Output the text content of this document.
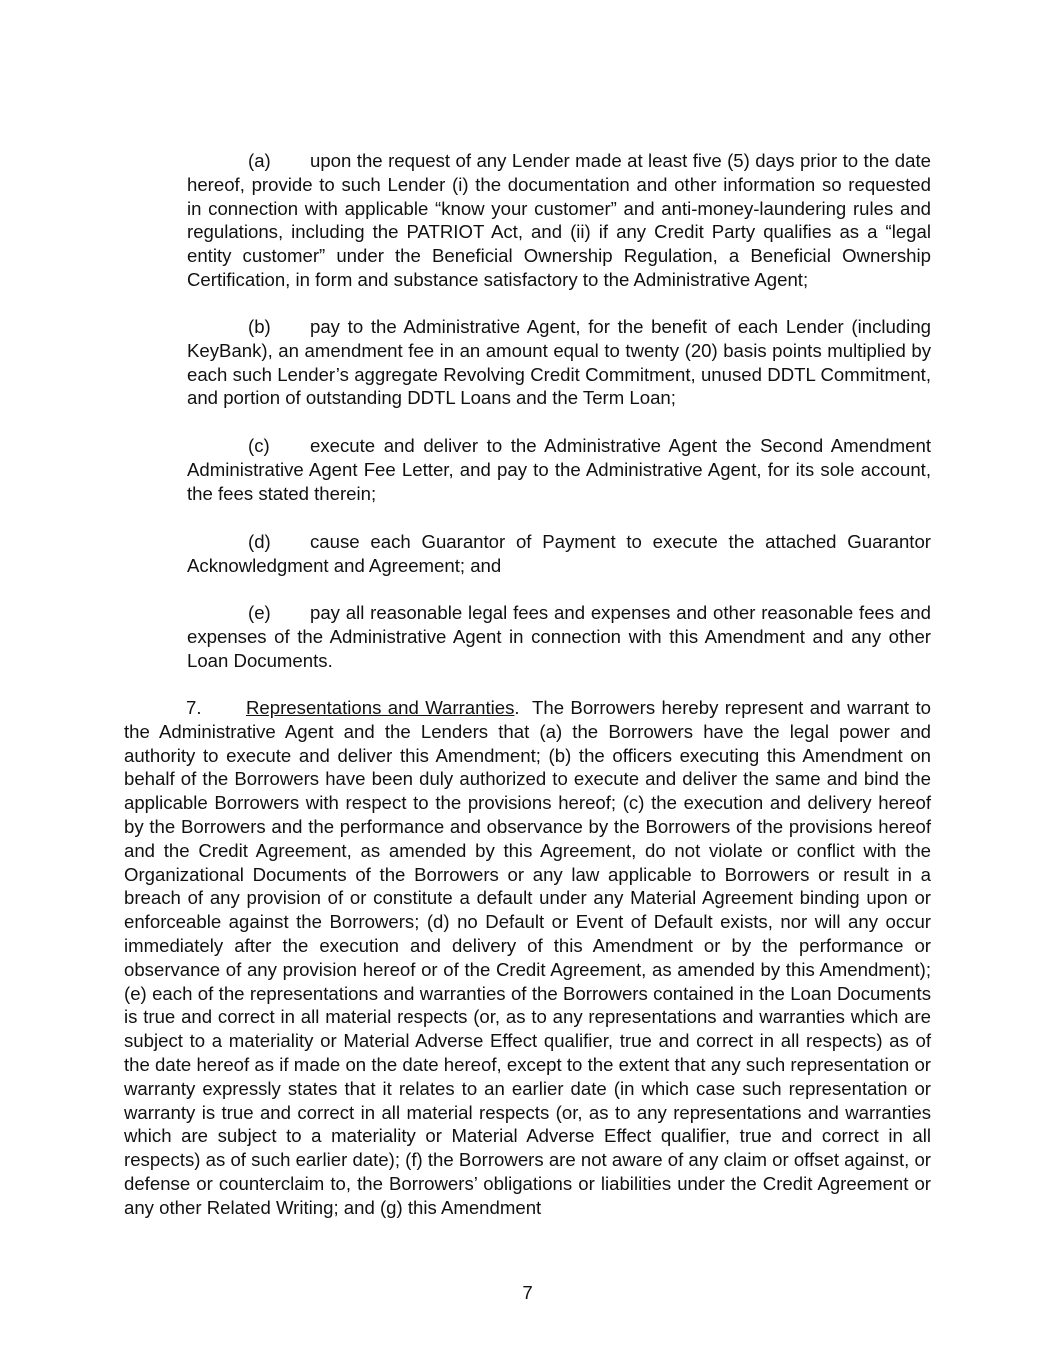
(a) upon the request of any Lender made at least five (5) days prior to the date hereof, provide to such Lender (i) the documentation and other information so requested in connection with applicable “know your customer” and anti-money-laundering rules and regulations, including the PATRIOT Act, and (ii) if any Credit Party qualifies as a “legal entity customer” under the Beneficial Ownership Regulation, a Beneficial Ownership Certification, in form and substance satisfactory to the Administrative Agent;

(b) pay to the Administrative Agent, for the benefit of each Lender (including KeyBank), an amendment fee in an amount equal to twenty (20) basis points multiplied by each such Lender’s aggregate Revolving Credit Commitment, unused DDTL Commitment, and portion of outstanding DDTL Loans and the Term Loan;

(c) execute and deliver to the Administrative Agent the Second Amendment Administrative Agent Fee Letter, and pay to the Administrative Agent, for its sole account, the fees stated therein;

(d) cause each Guarantor of Payment to execute the attached Guarantor Acknowledgment and Agreement; and

(e) pay all reasonable legal fees and expenses and other reasonable fees and expenses of the Administrative Agent in connection with this Amendment and any other Loan Documents.

7. Representations and Warranties. The Borrowers hereby represent and warrant to the Administrative Agent and the Lenders that (a) the Borrowers have the legal power and authority to execute and deliver this Amendment; (b) the officers executing this Amendment on behalf of the Borrowers have been duly authorized to execute and deliver the same and bind the applicable Borrowers with respect to the provisions hereof; (c) the execution and delivery hereof by the Borrowers and the performance and observance by the Borrowers of the provisions hereof and the Credit Agreement, as amended by this Agreement, do not violate or conflict with the Organizational Documents of the Borrowers or any law applicable to Borrowers or result in a breach of any provision of or constitute a default under any Material Agreement binding upon or enforceable against the Borrowers; (d) no Default or Event of Default exists, nor will any occur immediately after the execution and delivery of this Amendment or by the performance or observance of any provision hereof or of the Credit Agreement, as amended by this Amendment); (e) each of the representations and warranties of the Borrowers contained in the Loan Documents is true and correct in all material respects (or, as to any representations and warranties which are subject to a materiality or Material Adverse Effect qualifier, true and correct in all respects) as of the date hereof as if made on the date hereof, except to the extent that any such representation or warranty expressly states that it relates to an earlier date (in which case such representation or warranty is true and correct in all material respects (or, as to any representations and warranties which are subject to a materiality or Material Adverse Effect qualifier, true and correct in all respects) as of such earlier date); (f) the Borrowers are not aware of any claim or offset against, or defense or counterclaim to, the Borrowers’ obligations or liabilities under the Credit Agreement or any other Related Writing; and (g) this Amendment

7
